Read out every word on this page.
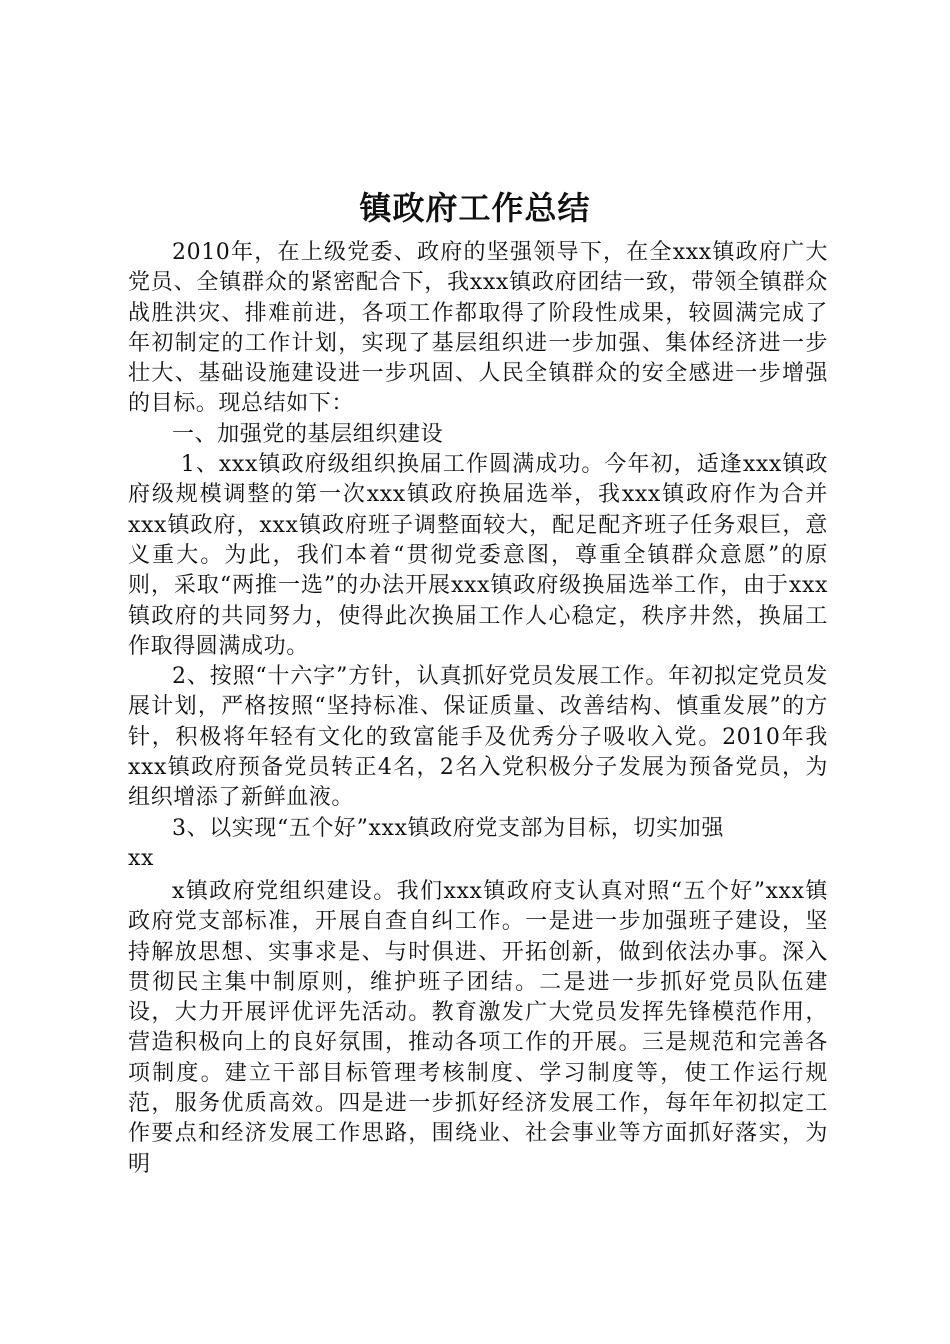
镇政府工作总结

2010年，在上级党委、政府的坚强领导下，在全xxx镇政府广大党员、全镇群众的紧密配合下，我xxx镇政府团结一致，带领全镇群众战胜洪灾、排难前进，各项工作都取得了阶段性成果，较圆满完成了年初制定的工作计划，实现了基层组织进一步加强、集体经济进一步壮大、基础设施建设进一步巩固、人民全镇群众的安全感进一步增强的目标。现总结如下：

一、加强党的基层组织建设

1、xxx镇政府级组织换届工作圆满成功。今年初，适逢xxx镇政府级规模调整的第一次xxx镇政府换届选举，我xxx镇政府作为合并xxx镇政府，xxx镇政府班子调整面较大，配足配齐班子任务艰巨，意义重大。为此，我们本着“贯彻党委意图，尊重全镇群众意愿”的原则，采取“两推一选”的办法开展xxx镇政府级换届选举工作，由于xxx镇政府的共同努力，使得此次换届工作人心稳定，秩序井然，换届工作取得圆满成功。

2、按照“十六字”方针，认真抓好党员发展工作。年初拟定党员发展计划，严格按照“坚持标准、保证质量、改善结构、慎重发展”的方针，积极将年轻有文化的致富能手及优秀分子吸收入党。2010年我xxx镇政府预备党员转正4名，2名入党积极分子发展为预备党员，为组织增添了新鲜血液。

3、以实现“五个好”xxx镇政府党支部为目标，切实加强

xx

x镇政府党组织建设。我们xxx镇政府支认真对照“五个好”xxx镇政府党支部标准，开展自查自纠工作。一是进一步加强班子建设，坚持解放思想、实事求是、与时俱进、开拓创新，做到依法办事。深入贯彻民主集中制原则，维护班子团结。二是进一步抓好党员队伍建设，大力开展评优评先活动。教育激发广大党员发挥先锋模范作用，营造积极向上的良好氛围，推动各项工作的开展。三是规范和完善各项制度。建立干部目标管理考核制度、学习制度等，使工作运行规范，服务优质高效。四是进一步抓好经济发展工作，每年年初拟定工作要点和经济发展工作思路，围绕业、社会事业等方面抓好落实，为明
